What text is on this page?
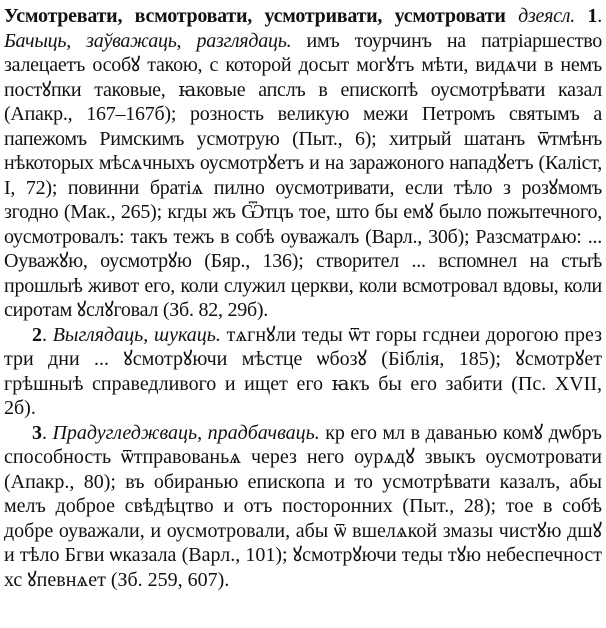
Усмотревати, всмотровати, усмотривати, усмотровати дзеясл. 1. Бачыць, заўважаць, разглядаць. имъ тоурчинъ на патріаршество залецаетъ особꙋ такою, с которой досыт могꙋтъ мѣти, видѧчи в немъ постꙋпки таковые, ꙗковые апслъ в епископѣ оусмотрѣвати казал (Апакр., 167–167б); розность великую межи Петромъ святымъ а папежомъ Римскимъ усмотрую (Пыт., 6); хитрый шатанъ ѿтмѣнъ нѣкоторых мѣсѧчныхъ оусмотрꙋетъ и на заражоного нападꙋетъ (Каліст, І, 72); повинни братіѧ пилно оусмотривати, если тѣло з розꙋмомъ згодно (Мак., 265); кгды жъ Ѿтцъ тое, што бы емꙋ было пожытечного, оусмотровалъ: такъ тежъ в собѣ оуважалъ (Варл., 30б); Разсматрѧю: ... Оуважꙋю, оусмотрꙋю (Бяр., 136); створител ... вспомнел на стыѣ прошлыѣ живот его, коли служил церкви, коли всмотровал вдовы, коли сиротам ꙋслꙋговал (Зб. 82, 29б).

2. Выглядаць, шукаць. тѧгнꙋли теды ѿт горы гсднеи дорогою през три дни ... ꙋсмотрꙋючи мѣстце ѡбозꙋ (Біблія, 185); ꙋсмотрꙋет грѣшныѣ справедливого и ищет его ꙗкъ бы его забити (Пс. XVII, 2б).

3. Прадугледжваць, прадбачваць. кр его мл в даванью комꙋ дѡбръ способность ѿтправованьѧ через него оурѧдꙋ звыкъ оусмотровати (Апакр., 80); въ обиранью епископа и то усмотрѣвати казалъ, абы мелъ доброе свѣдѣцтво и отъ посторонних (Пыт., 28); тое в собѣ добре оуважали, и оусмотровали, абы ѿ вшелѧкой змазы чистꙋю дшꙋ и тѣло Бгви ѡказала (Варл., 101); ꙋсмотрꙋючи теды тꙋю небеспечност хс ꙋпевнѧет (Зб. 259, 607).
